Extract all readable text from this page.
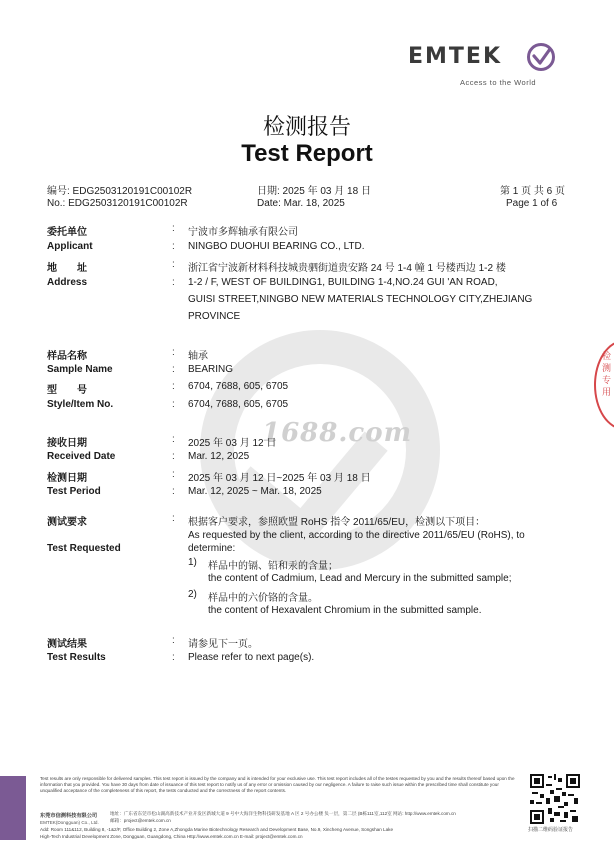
1688.com
EMTEK
Access to the World
检测报告
Test Report
编号: EDG2503120191C00102R
No.: EDG2503120191C00102R
日期: 2025 年 03 月 18 日
Date: Mar. 18, 2025
第 1 页 共 6 页
Page 1 of 6
委托单位	: 宁波市多辉轴承有限公司
Applicant	: NINGBO DUOHUI BEARING CO., LTD.
地　　址	: 浙江省宁波新材料科技城贵驷街道贵安路 24 号 1-4 幢 1 号楼西边 1-2 楼
Address	: 1-2 / F, WEST OF BUILDING1, BUILDING 1-4,NO.24 GUI 'AN ROAD,
GUISI STREET,NINGBO NEW MATERIALS TECHNOLOGY CITY,ZHEJIANG
PROVINCE
样品名称	: 轴承
Sample Name	: BEARING
型　　号	: 6704, 7688, 605, 6705
Style/Item No.	: 6704, 7688, 605, 6705
接收日期	: 2025 年 03 月 12 日
Received Date	: Mar. 12, 2025
检测日期	: 2025 年 03 月 12 日~2025 年 03 月 18 日
Test Period	: Mar. 12, 2025 ~ Mar. 18, 2025
测试要求	: 根据客户要求，参照欧盟 RoHS 指令 2011/65/EU，检测以下项目：
As requested by the client, according to the directive 2011/65/EU (RoHS), to
Test Requested	determine:
1) 样品中的镉、铅和汞的含量；
the content of Cadmium, Lead and Mercury in the submitted sample;
2) 样品中的六价铬的含量。
the content of Hexavalent Chromium in the submitted sample.
测试结果	: 请参见下一页。
Test Results	: Please refer to next page(s).
检测专用
Test results are only responsible for delivered samples. This test report is issued by the company and is intended for your exclusive use. This test report includes all of the testes requested by you and the results thereof based upon the information that you provided. You have 30 days from date of issuance of this test report to notify us of any error or omission caused by our negligence. A failure to raise such issue within the prescribed time shall constitute your unqualified acceptance of the completeness of this report, the tests conducted and the correctness of the report contents.
东莞市信测科技有限公司
EMTEK(Dongguan) Co., Ltd.
地址：广东省东莞市松山湖高新技术产业开发区新城大道 9 号中大海洋生物科技研发基地 A 区 2 号办公楼 负一层，第二层 (B栋111室,112室 网站: http://www.emtek.com.cn
邮箱：project@emtek.com.cn
Add: Room 111&112, Building 8, -1&2/F, Office Building 2, Zone A,Zhongda Marine Biotechnology Research and Development Base, No.9, Xincheng Avenue, Songshan Lake
High-Tech Industrial Development Zone, Dongguan, Guangdong, China Http://www.emtek.com.cn E-mail: project@emtek.com.cn
扫描二维码验证报告
